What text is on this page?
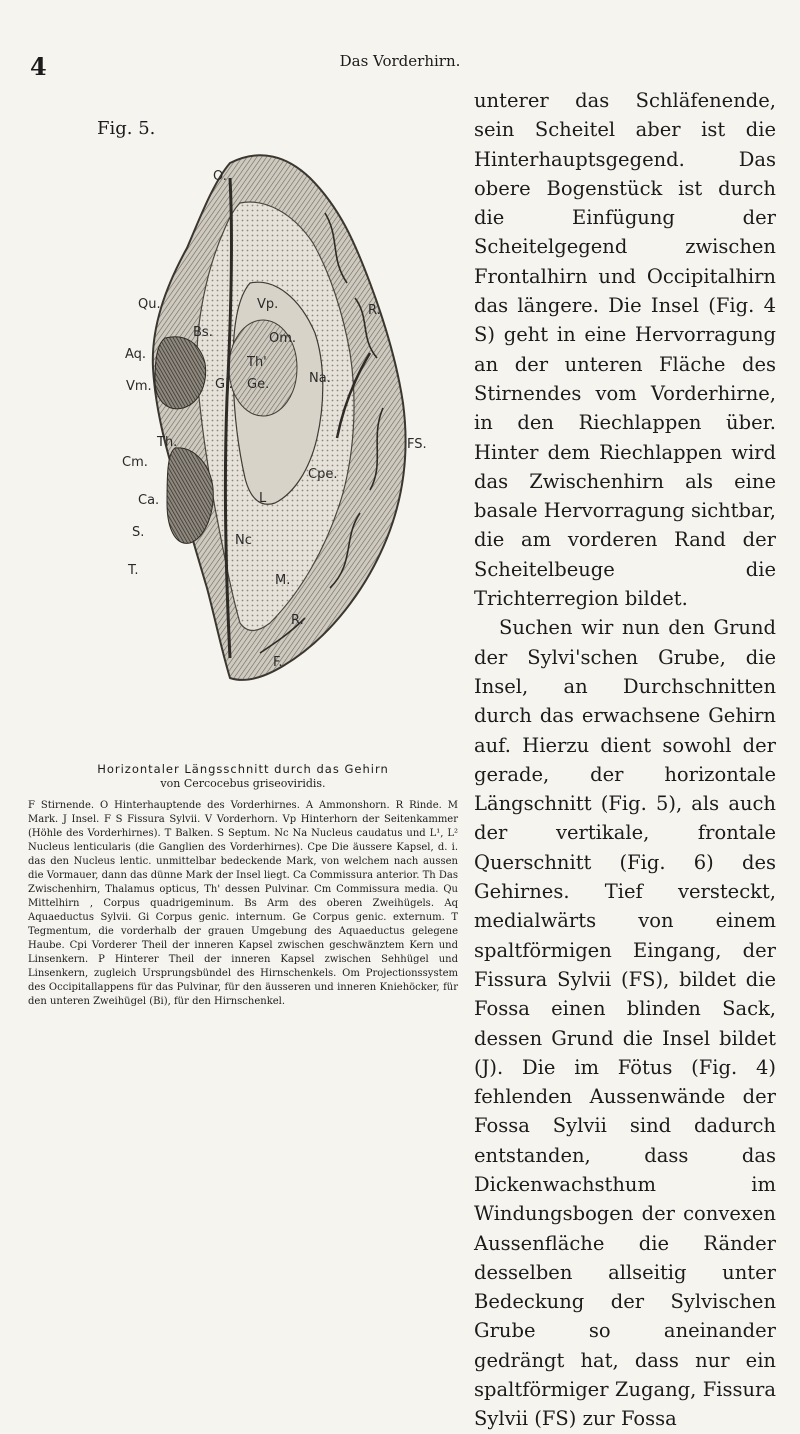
4	Das Vorderhirn.
Fig. 5.
O.
Qu.
Aq.
Vm.
Th.
Cm.
Ca.
S.
T.
F.
FS.
Vp.
Om.
R.
Bs.
Th'
Gi. Ge.	Na.
Cpe.
L
Nc
M.
R.
Horizontaler Längsschnitt durch das Gehirn
von Cercocebus griseoviridis.

F Stirnende. O Hinterhauptende des Vorderhirnes. A Ammonshorn. R Rinde. M Mark. J Insel. F S Fissura Sylvii. V Vorderhorn. Vp Hinterhorn der Seitenkammer (Höhle des Vorderhirnes). T Balken. S Septum. Nc Na Nucleus caudatus und L¹, L² Nucleus lenticularis (die Ganglien des Vorderhirnes). Cpe Die äussere Kapsel, d. i. das den Nucleus lentic. unmittelbar bedeckende Mark, von welchem nach aussen die Vormauer, dann das dünne Mark der Insel liegt. Ca Commissura anterior. Th Das Zwischenhirn, Thalamus opticus, Th' dessen Pulvinar. Cm Commissura media. Qu Mittelhirn , Corpus quadrigeminum. Bs Arm des oberen Zweihügels. Aq Aquaeductus Sylvii. Gi Corpus genic. internum. Ge Corpus genic. externum. T Tegmentum, die vorderhalb der grauen Umgebung des Aquaeductus gelegene Haube. Cpi Vorderer Theil der inneren Kapsel zwischen geschwänztem Kern und Linsenkern. P Hinterer Theil der inneren Kapsel zwischen Sehhügel und Linsenkern, zugleich Ursprungsbündel des Hirnschenkels. Om Projectionssystem des Occipitallappens für das Pulvinar, für den äusseren und inneren Kniehöcker, für den unteren Zweihügel (Bi), für den Hirnschenkel.

unterer das Schläfenende, sein Scheitel aber ist die Hinterhauptsgegend. Das obere Bogenstück ist durch die Einfügung der Scheitelgegend zwischen Frontalhirn und Occipitalhirn das längere. Die Insel (Fig. 4 S) geht in eine Hervorragung an der unteren Fläche des Stirnendes vom Vorderhirne, in den Riechlappen über. Hinter dem Riechlappen wird das Zwischenhirn als eine basale Hervorragung sichtbar, die am vorderen Rand der Scheitelbeuge die Trichterregion bildet.

Suchen wir nun den Grund der Sylvi'schen Grube, die Insel, an Durchschnitten durch das erwachsene Gehirn auf. Hierzu dient sowohl der gerade, der horizontale Längschnitt (Fig. 5), als auch der vertikale, frontale Querschnitt (Fig. 6) des Gehirnes. Tief versteckt, medialwärts von einem spaltförmigen Eingang, der Fissura Sylvii (FS), bildet die Fossa einen blinden Sack, dessen Grund die Insel bildet (J). Die im Fötus (Fig. 4) fehlenden Aussenwände der Fossa Sylvii sind dadurch entstanden, dass das Dickenwachsthum im Windungsbogen der convexen Aussenfläche die Ränder desselben allseitig unter Bedeckung der Sylvischen Grube so aneinander gedrängt hat, dass nur ein spaltförmiger Zugang, Fissura Sylvii (FS) zur Fossa
